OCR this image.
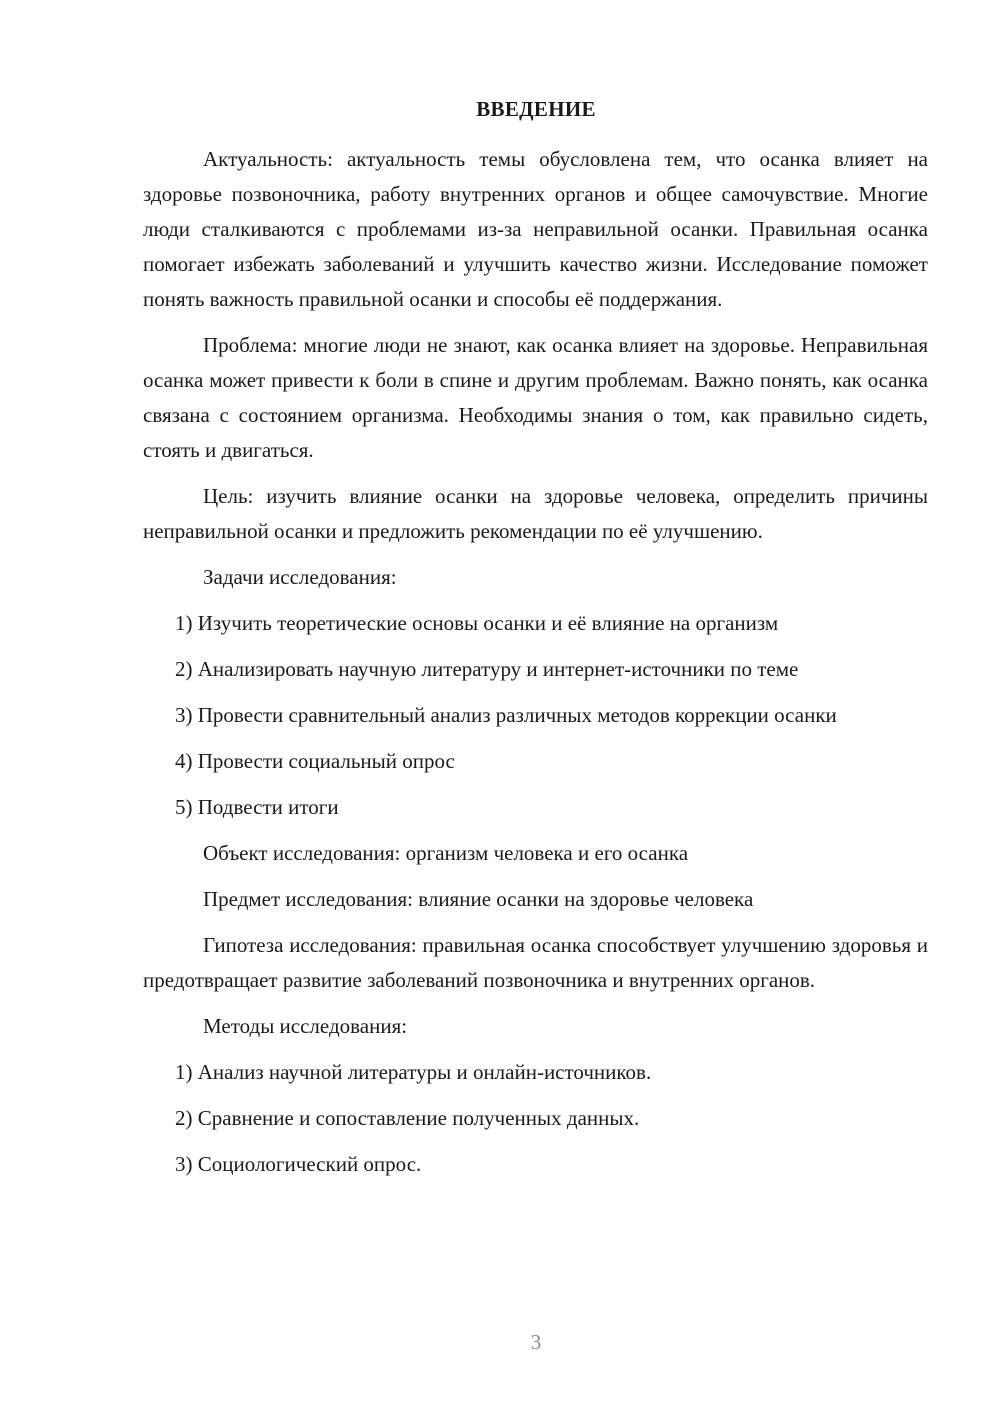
ВВЕДЕНИЕ

Актуальность: актуальность темы обусловлена тем, что осанка влияет на здоровье позвоночника, работу внутренних органов и общее самочувствие. Многие люди сталкиваются с проблемами из-за неправильной осанки. Правильная осанка помогает избежать заболеваний и улучшить качество жизни. Исследование поможет понять важность правильной осанки и способы её поддержания.

Проблема: многие люди не знают, как осанка влияет на здоровье. Неправильная осанка может привести к боли в спине и другим проблемам. Важно понять, как осанка связана с состоянием организма. Необходимы знания о том, как правильно сидеть, стоять и двигаться.

Цель: изучить влияние осанки на здоровье человека, определить причины неправильной осанки и предложить рекомендации по её улучшению.

Задачи исследования:

1) Изучить теоретические основы осанки и её влияние на организм

2) Анализировать научную литературу и интернет-источники по теме

3) Провести сравнительный анализ различных методов коррекции осанки

4) Провести социальный опрос

5) Подвести итоги

Объект исследования: организм человека и его осанка

Предмет исследования: влияние осанки на здоровье человека

Гипотеза исследования: правильная осанка способствует улучшению здоровья и предотвращает развитие заболеваний позвоночника и внутренних органов.

Методы исследования:

1) Анализ научной литературы и онлайн-источников.

2) Сравнение и сопоставление полученных данных.

3) Социологический опрос.

3
